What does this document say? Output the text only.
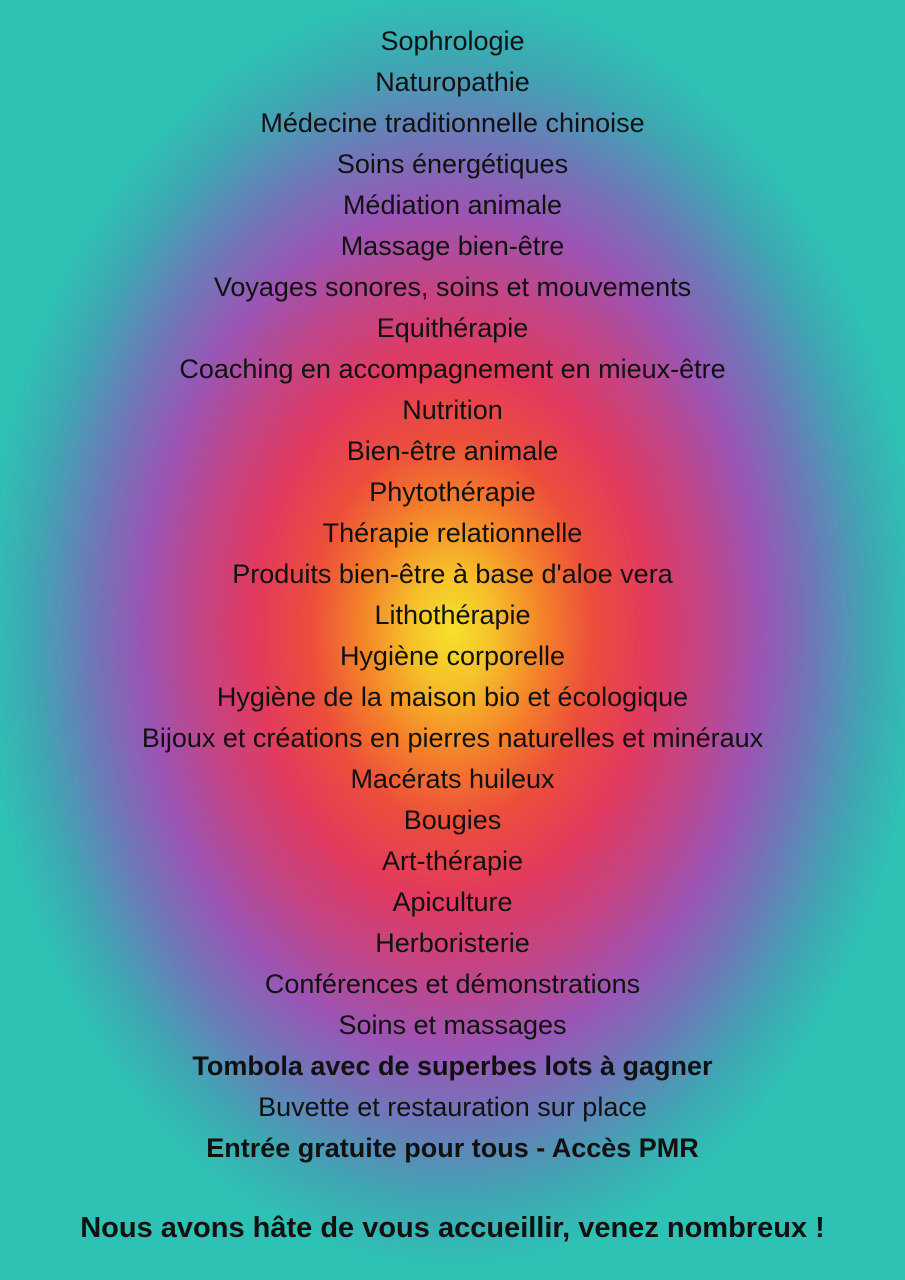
Sophrologie
Naturopathie
Médecine traditionnelle chinoise
Soins énergétiques
Médiation animale
Massage bien-être
Voyages sonores, soins et mouvements
Equithérapie
Coaching en accompagnement en mieux-être
Nutrition
Bien-être animale
Phytothérapie
Thérapie relationnelle
Produits bien-être à base d'aloe vera
Lithothérapie
Hygiène corporelle
Hygiène de la maison bio et écologique
Bijoux et créations en pierres naturelles et minéraux
Macérats huileux
Bougies
Art-thérapie
Apiculture
Herboristerie
Conférences et démonstrations
Soins et massages
Tombola avec de superbes lots à gagner
Buvette et restauration sur place
Entrée gratuite pour tous - Accès PMR
Nous avons hâte de vous accueillir, venez nombreux !
